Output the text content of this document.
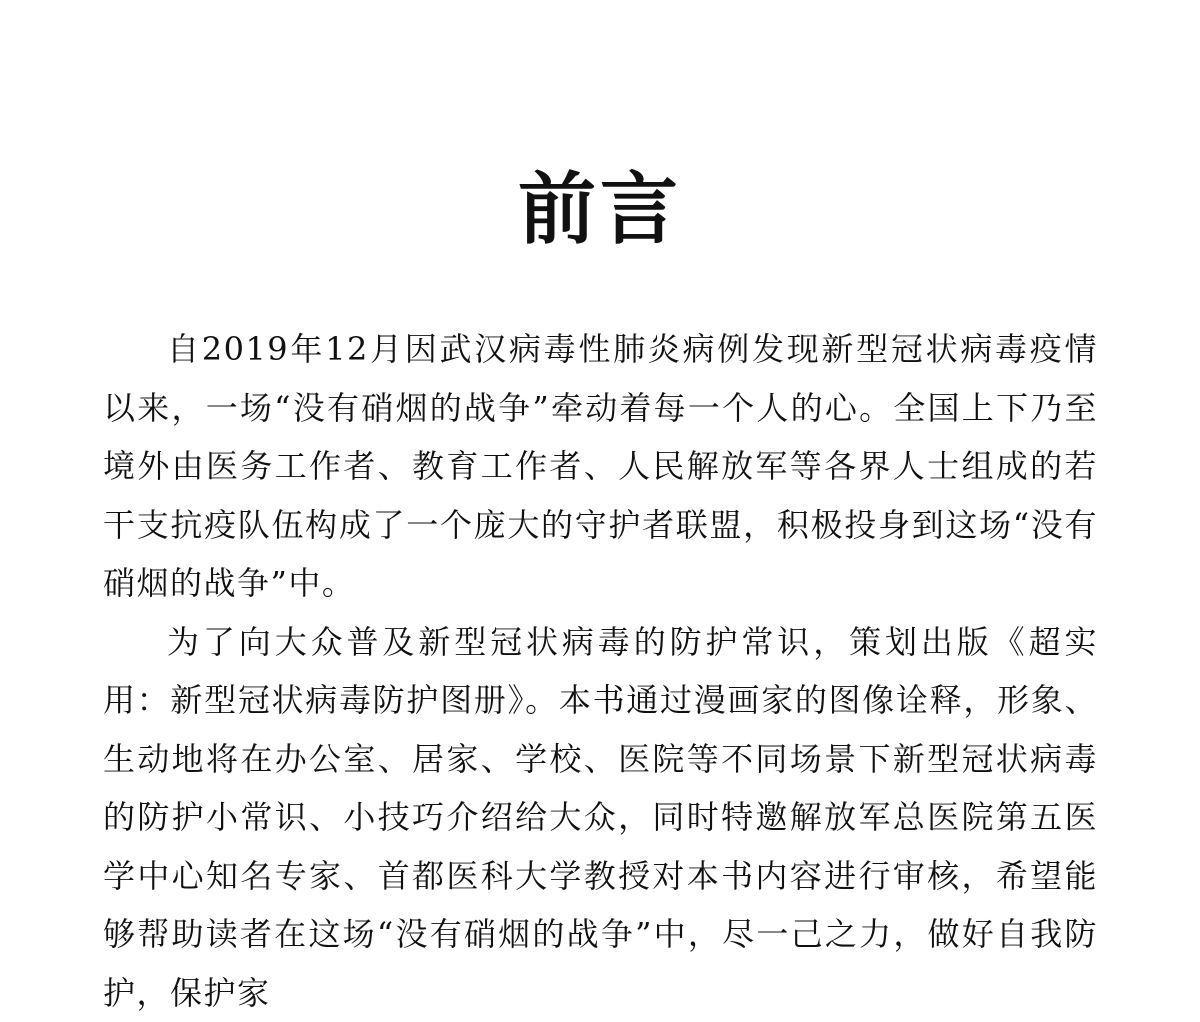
前言

自2019年12月因武汉病毒性肺炎病例发现新型冠状病毒疫情以来，一场“没有硝烟的战争”牵动着每一个人的心。全国上下乃至境外由医务工作者、教育工作者、人民解放军等各界人士组成的若干支抗疫队伍构成了一个庞大的守护者联盟，积极投身到这场“没有硝烟的战争”中。

为了向大众普及新型冠状病毒的防护常识，策划出版《超实用：新型冠状病毒防护图册》。本书通过漫画家的图像诠释，形象、生动地将在办公室、居家、学校、医院等不同场景下新型冠状病毒的防护小常识、小技巧介绍给大众，同时特邀解放军总医院第五医学中心知名专家、首都医科大学教授对本书内容进行审核，希望能够帮助读者在这场“没有硝烟的战争”中，尽一己之力，做好自我防护，保护家
